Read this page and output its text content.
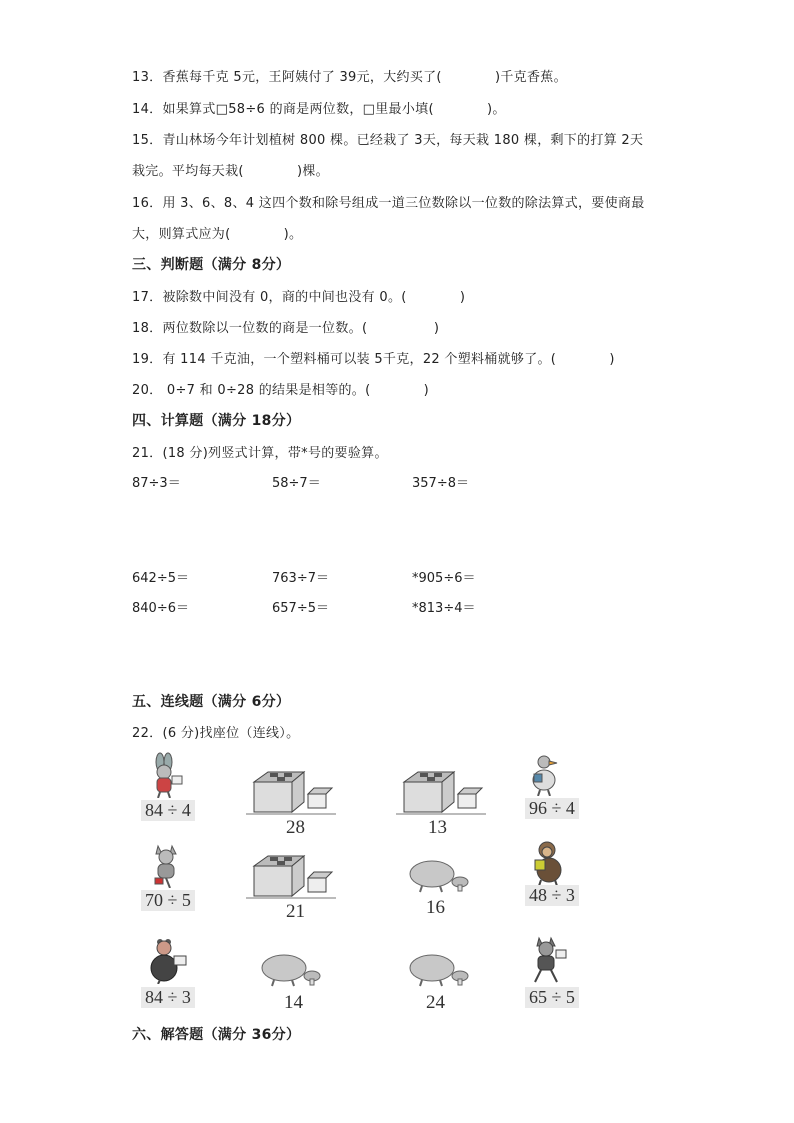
13．香蕉每千克 5元，王阿姨付了 39元，大约买了(　　　　)千克香蕉。
14．如果算式□58÷6 的商是两位数，□里最小填(　　　　)。
15．青山林场今年计划植树 800 棵。已经栽了 3天，每天栽 180 棵，剩下的打算 2天
栽完。平均每天栽(　　　　)棵。
16．用 3、6、8、4 这四个数和除号组成一道三位数除以一位数的除法算式，要使商最
大，则算式应为(　　　　)。
三、判断题（满分 8分）
17．被除数中间没有 0，商的中间也没有 0。(　　　　)
18．两位数除以一位数的商是一位数。(　　　　　)
19．有 114 千克油，一个塑料桶可以装 5千克，22 个塑料桶就够了。(　　　　)
20． 0÷7 和 0÷28 的结果是相等的。(　　　　)
四、计算题（满分 18分）
21．(18 分)列竖式计算，带*号的要验算。
87÷3＝	58÷7＝	357÷8＝
642÷5＝	763÷7＝	*905÷6＝
840÷6＝	657÷5＝	*813÷4＝
五、连线题（满分 6分）
22．(6 分)找座位（连线）。
84 ÷ 4
28	13
96 ÷ 4
70 ÷ 5
21	16
48 ÷ 3
84 ÷ 3	14	24	65 ÷ 5
六、解答题（满分 36分）
